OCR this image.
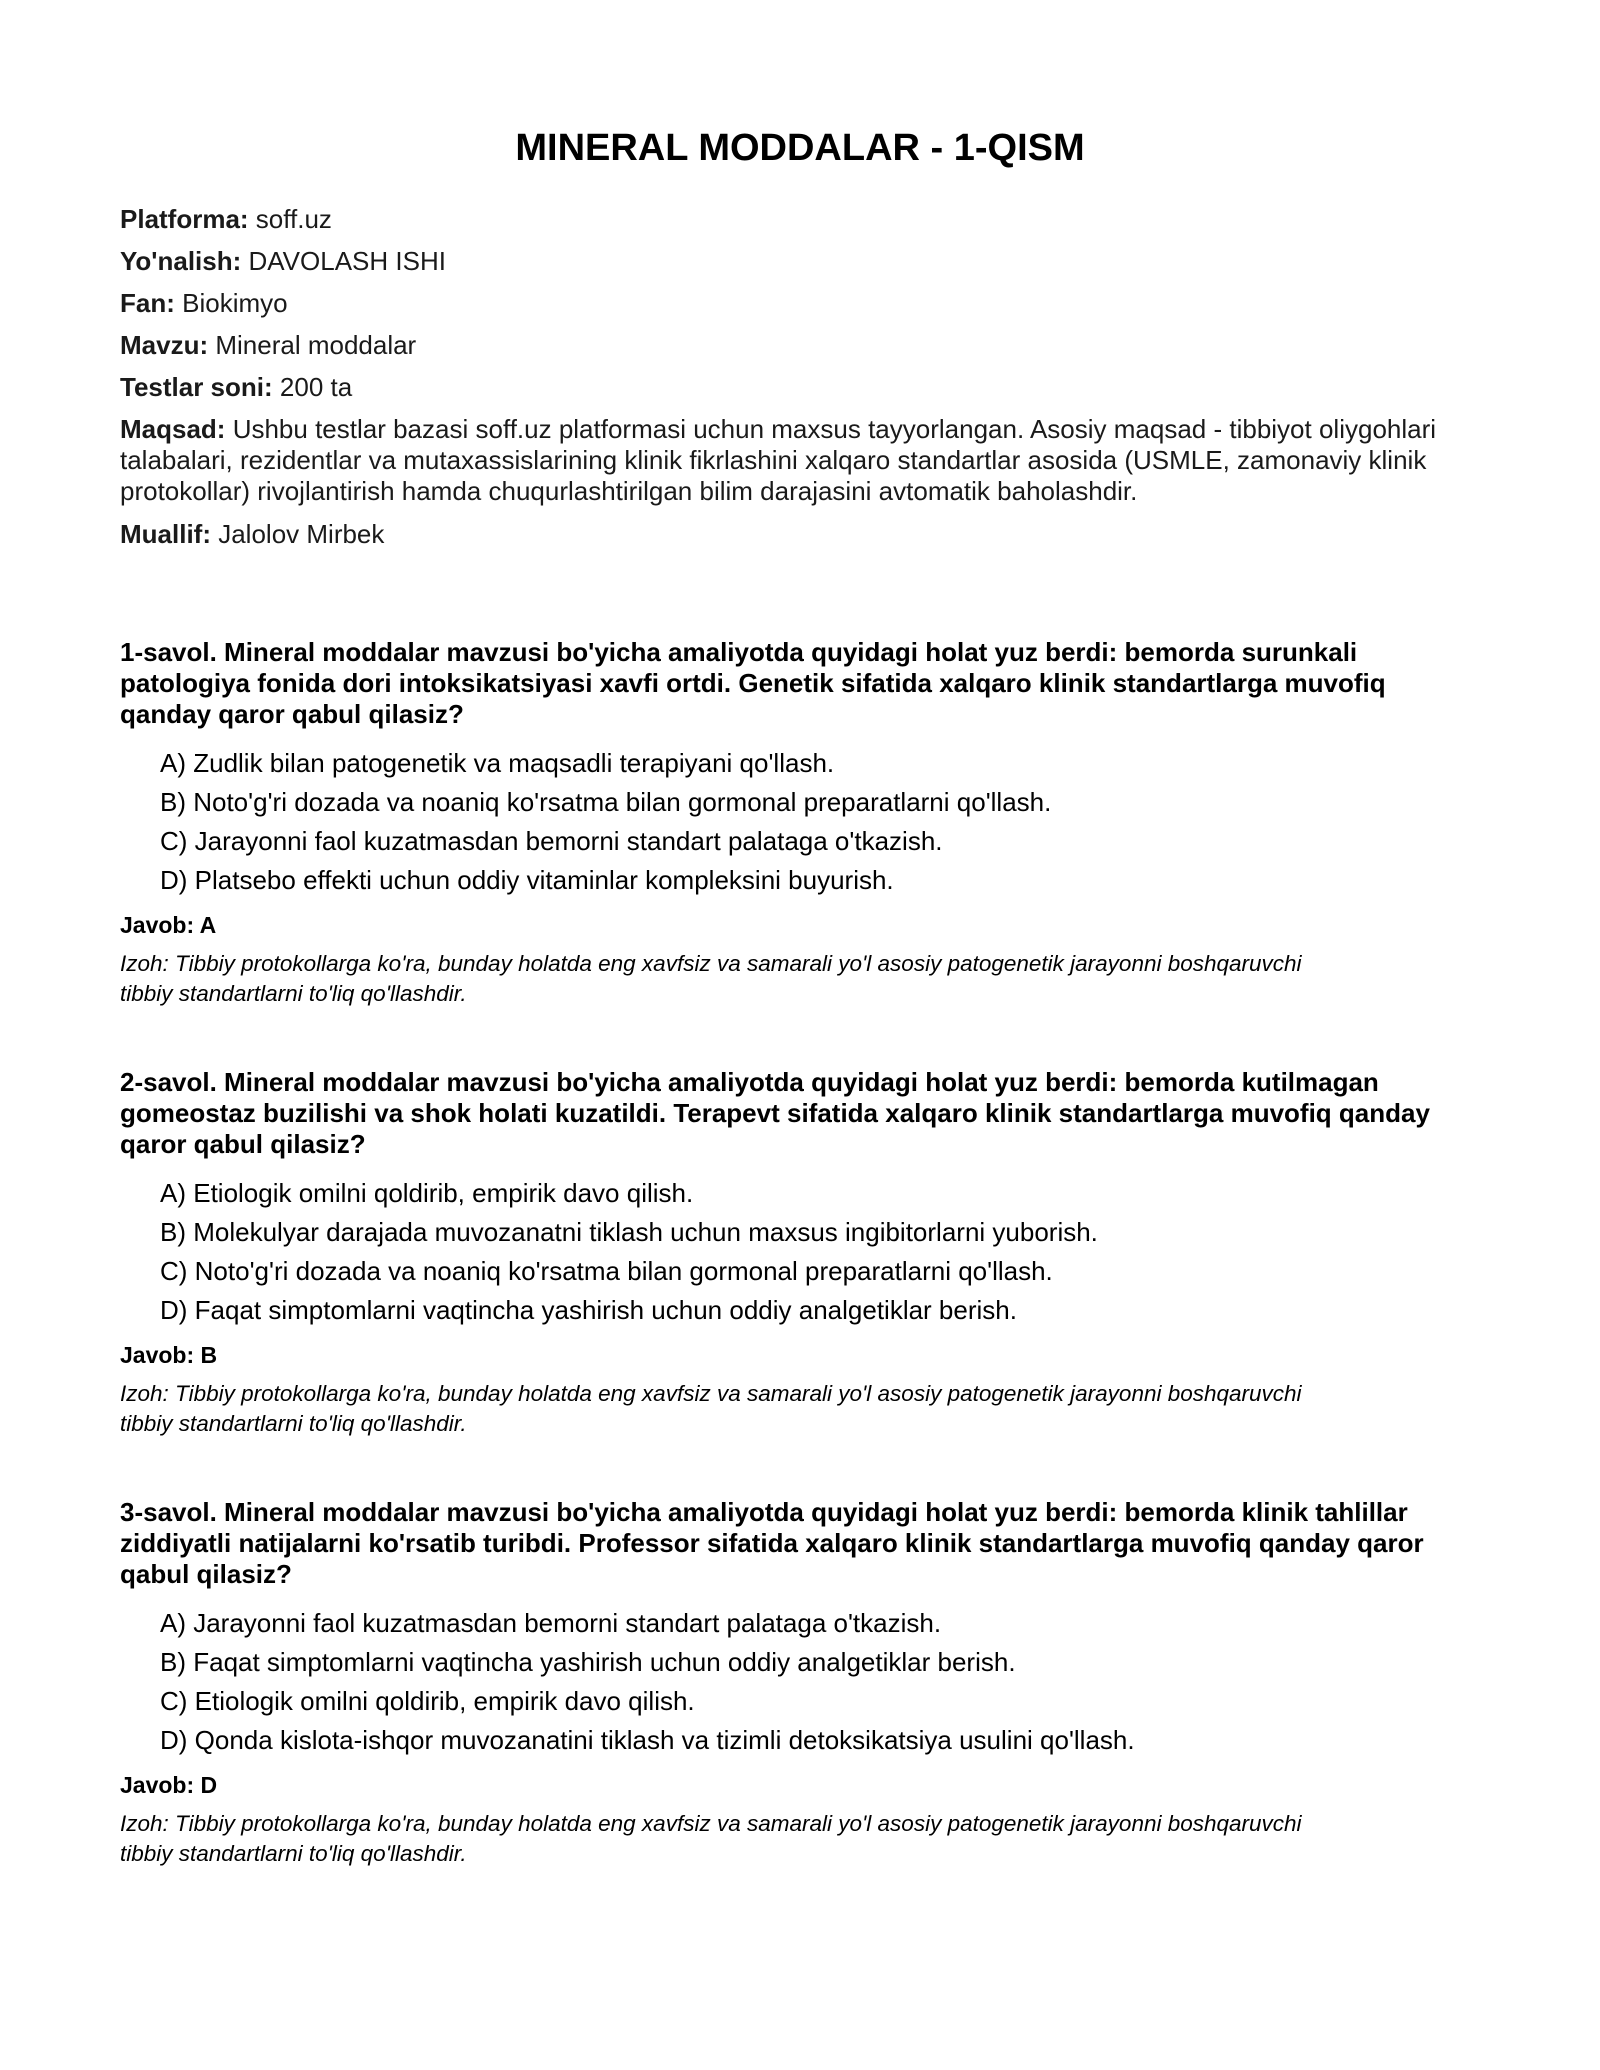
MINERAL MODDALAR - 1-QISM

Platforma: soff.uz

Yo'nalish: DAVOLASH ISHI

Fan: Biokimyo

Mavzu: Mineral moddalar

Testlar soni: 200 ta

Maqsad: Ushbu testlar bazasi soff.uz platformasi uchun maxsus tayyorlangan. Asosiy maqsad - tibbiyot oliygohlari talabalari, rezidentlar va mutaxassislarining klinik fikrlashini xalqaro standartlar asosida (USMLE, zamonaviy klinik protokollar) rivojlantirish hamda chuqurlashtirilgan bilim darajasini avtomatik baholashdir.

Muallif: Jalolov Mirbek

1-savol. Mineral moddalar mavzusi bo'yicha amaliyotda quyidagi holat yuz berdi: bemorda surunkali patologiya fonida dori intoksikatsiyasi xavfi ortdi. Genetik sifatida xalqaro klinik standartlarga muvofiq qanday qaror qabul qilasiz?

A) Zudlik bilan patogenetik va maqsadli terapiyani qo'llash.
B) Noto'g'ri dozada va noaniq ko'rsatma bilan gormonal preparatlarni qo'llash.
C) Jarayonni faol kuzatmasdan bemorni standart palataga o'tkazish.
D) Platsebo effekti uchun oddiy vitaminlar kompleksini buyurish.

Javob: A

Izoh: Tibbiy protokollarga ko'ra, bunday holatda eng xavfsiz va samarali yo'l asosiy patogenetik jarayonni boshqaruvchi tibbiy standartlarni to'liq qo'llashdir.

2-savol. Mineral moddalar mavzusi bo'yicha amaliyotda quyidagi holat yuz berdi: bemorda kutilmagan gomeostaz buzilishi va shok holati kuzatildi. Terapevt sifatida xalqaro klinik standartlarga muvofiq qanday qaror qabul qilasiz?

A) Etiologik omilni qoldirib, empirik davo qilish.
B) Molekulyar darajada muvozanatni tiklash uchun maxsus ingibitorlarni yuborish.
C) Noto'g'ri dozada va noaniq ko'rsatma bilan gormonal preparatlarni qo'llash.
D) Faqat simptomlarni vaqtincha yashirish uchun oddiy analgetiklar berish.

Javob: B

Izoh: Tibbiy protokollarga ko'ra, bunday holatda eng xavfsiz va samarali yo'l asosiy patogenetik jarayonni boshqaruvchi tibbiy standartlarni to'liq qo'llashdir.

3-savol. Mineral moddalar mavzusi bo'yicha amaliyotda quyidagi holat yuz berdi: bemorda klinik tahlillar ziddiyatli natijalarni ko'rsatib turibdi. Professor sifatida xalqaro klinik standartlarga muvofiq qanday qaror qabul qilasiz?

A) Jarayonni faol kuzatmasdan bemorni standart palataga o'tkazish.
B) Faqat simptomlarni vaqtincha yashirish uchun oddiy analgetiklar berish.
C) Etiologik omilni qoldirib, empirik davo qilish.
D) Qonda kislota-ishqor muvozanatini tiklash va tizimli detoksikatsiya usulini qo'llash.

Javob: D

Izoh: Tibbiy protokollarga ko'ra, bunday holatda eng xavfsiz va samarali yo'l asosiy patogenetik jarayonni boshqaruvchi tibbiy standartlarni to'liq qo'llashdir.
